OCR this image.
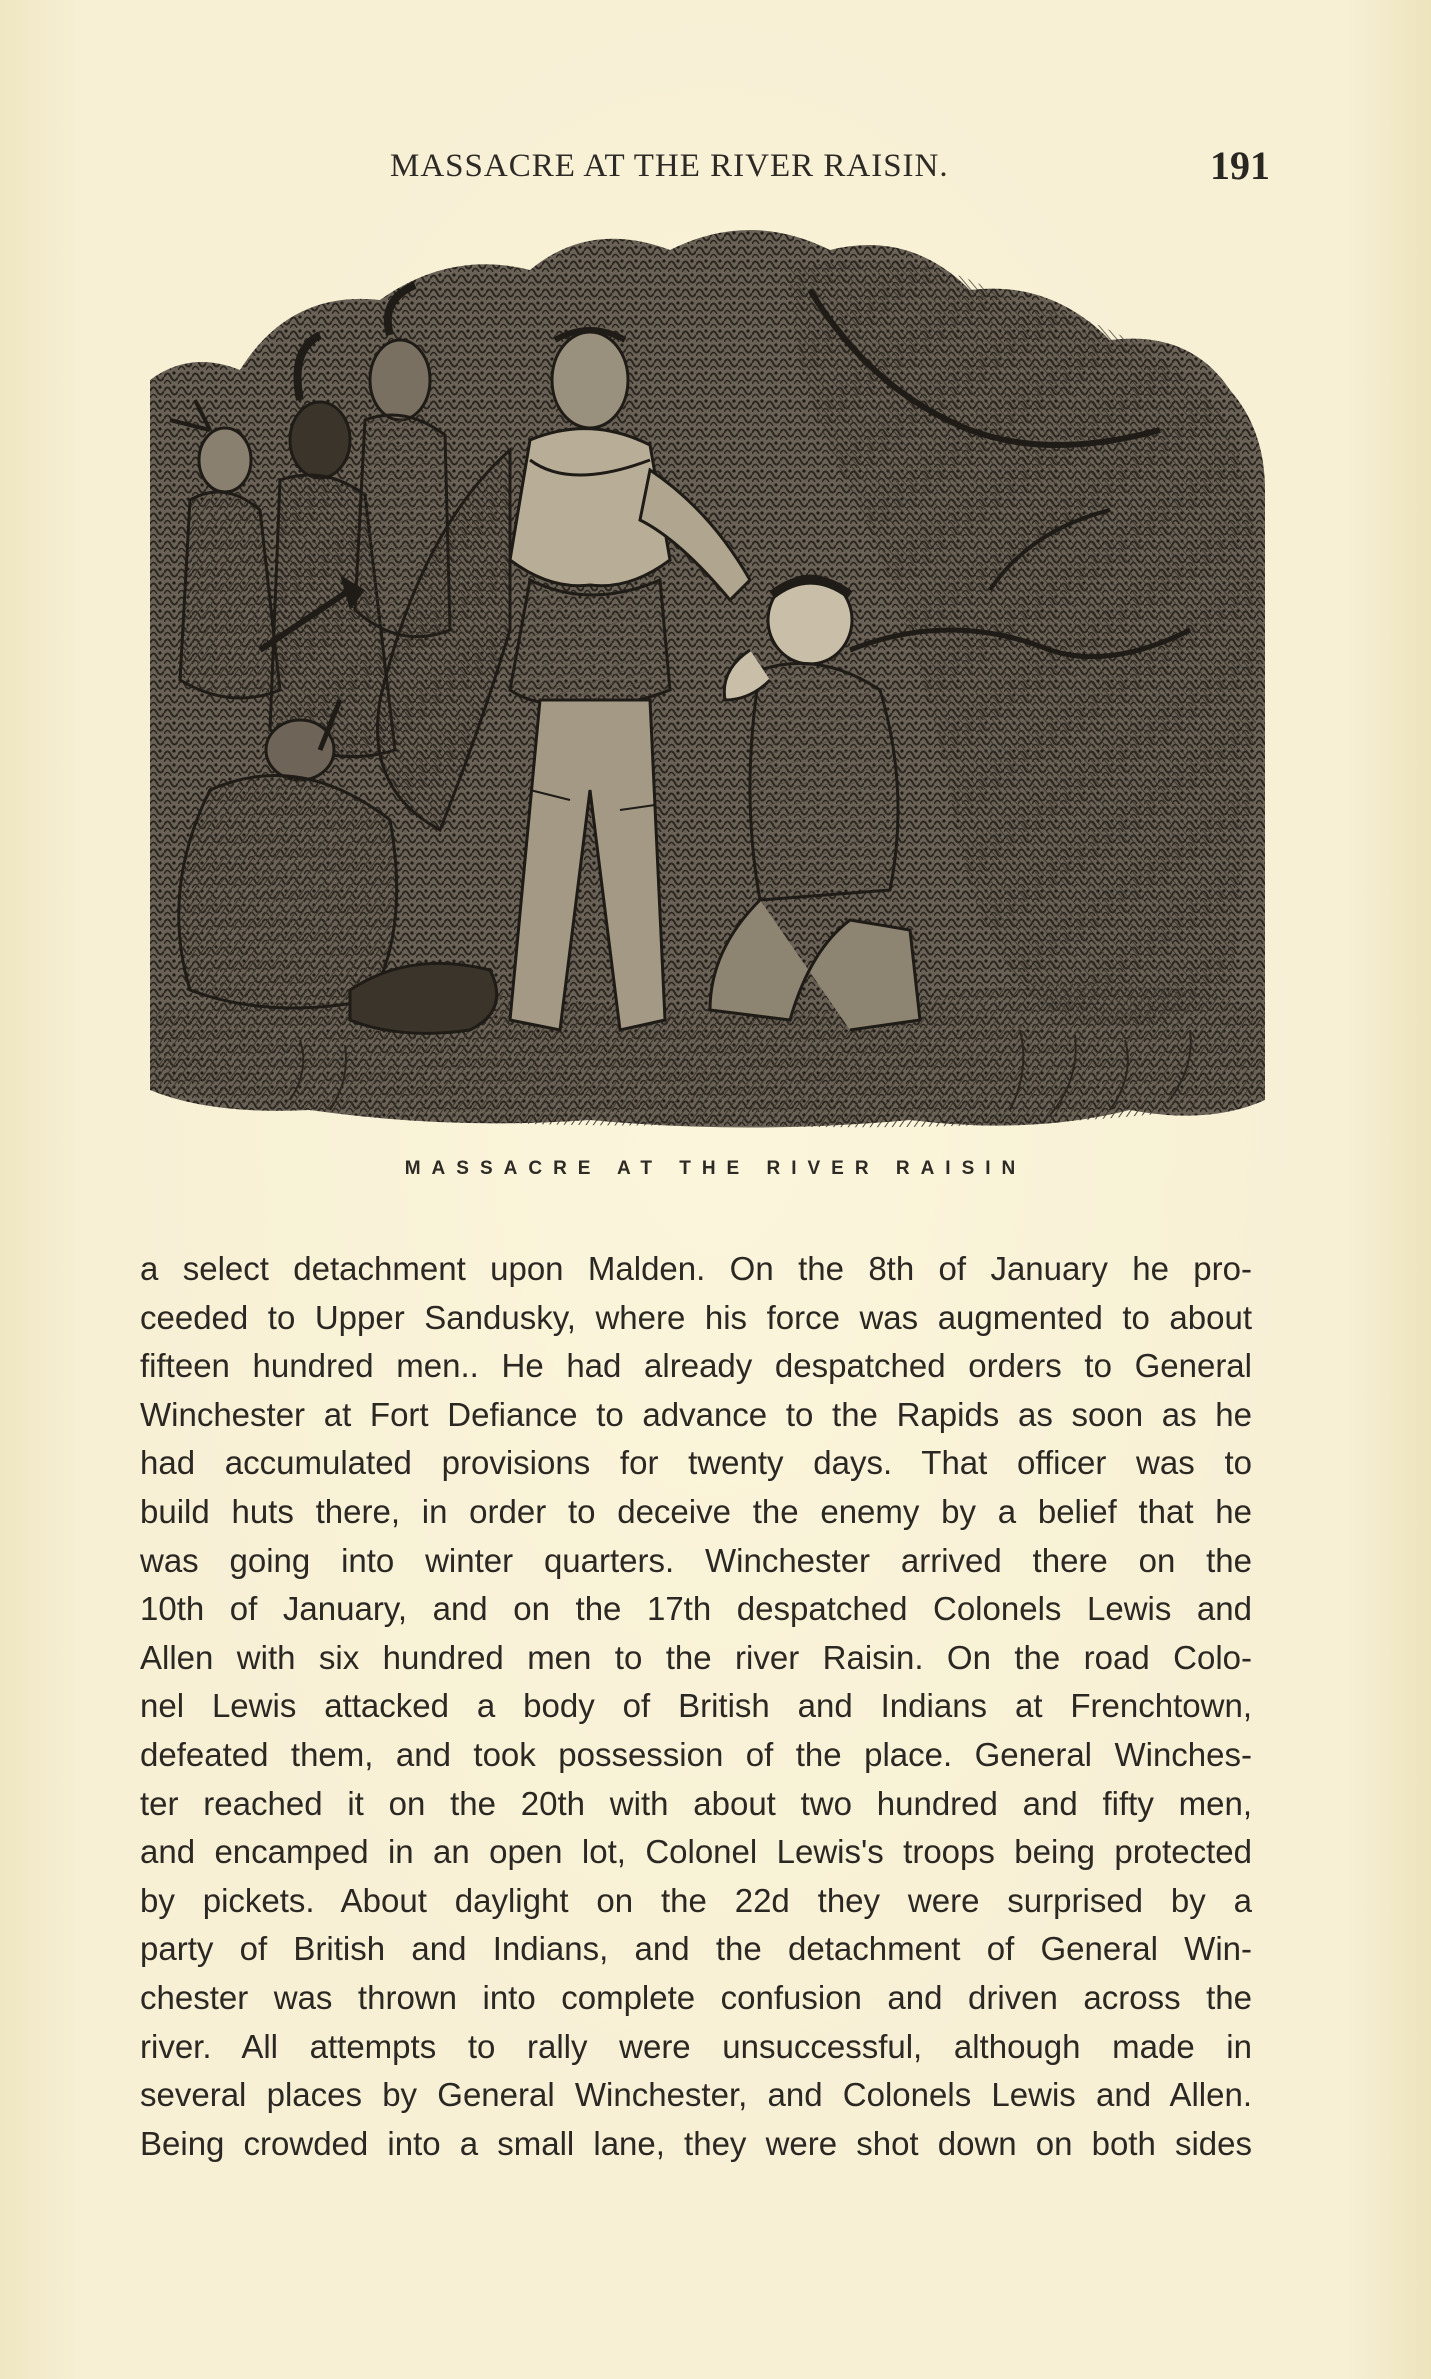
MASSACRE AT THE RIVER RAISIN.	191
MASSACRE AT THE RIVER RAISIN
a select detachment upon Malden. On the 8th of January he pro-
ceeded to Upper Sandusky, where his force was augmented to about
fifteen hundred men.. He had already despatched orders to General
Winchester at Fort Defiance to advance to the Rapids as soon as he
had accumulated provisions for twenty days. That officer was to
build huts there, in order to deceive the enemy by a belief that he
was going into winter quarters. Winchester arrived there on the
10th of January, and on the 17th despatched Colonels Lewis and
Allen with six hundred men to the river Raisin. On the road Colo-
nel Lewis attacked a body of British and Indians at Frenchtown,
defeated them, and took possession of the place. General Winches-
ter reached it on the 20th with about two hundred and fifty men,
and encamped in an open lot, Colonel Lewis's troops being protected
by pickets. About daylight on the 22d they were surprised by a
party of British and Indians, and the detachment of General Win-
chester was thrown into complete confusion and driven across the
river. All attempts to rally were unsuccessful, although made in
several places by General Winchester, and Colonels Lewis and Allen.
Being crowded into a small lane, they were shot down on both sides
